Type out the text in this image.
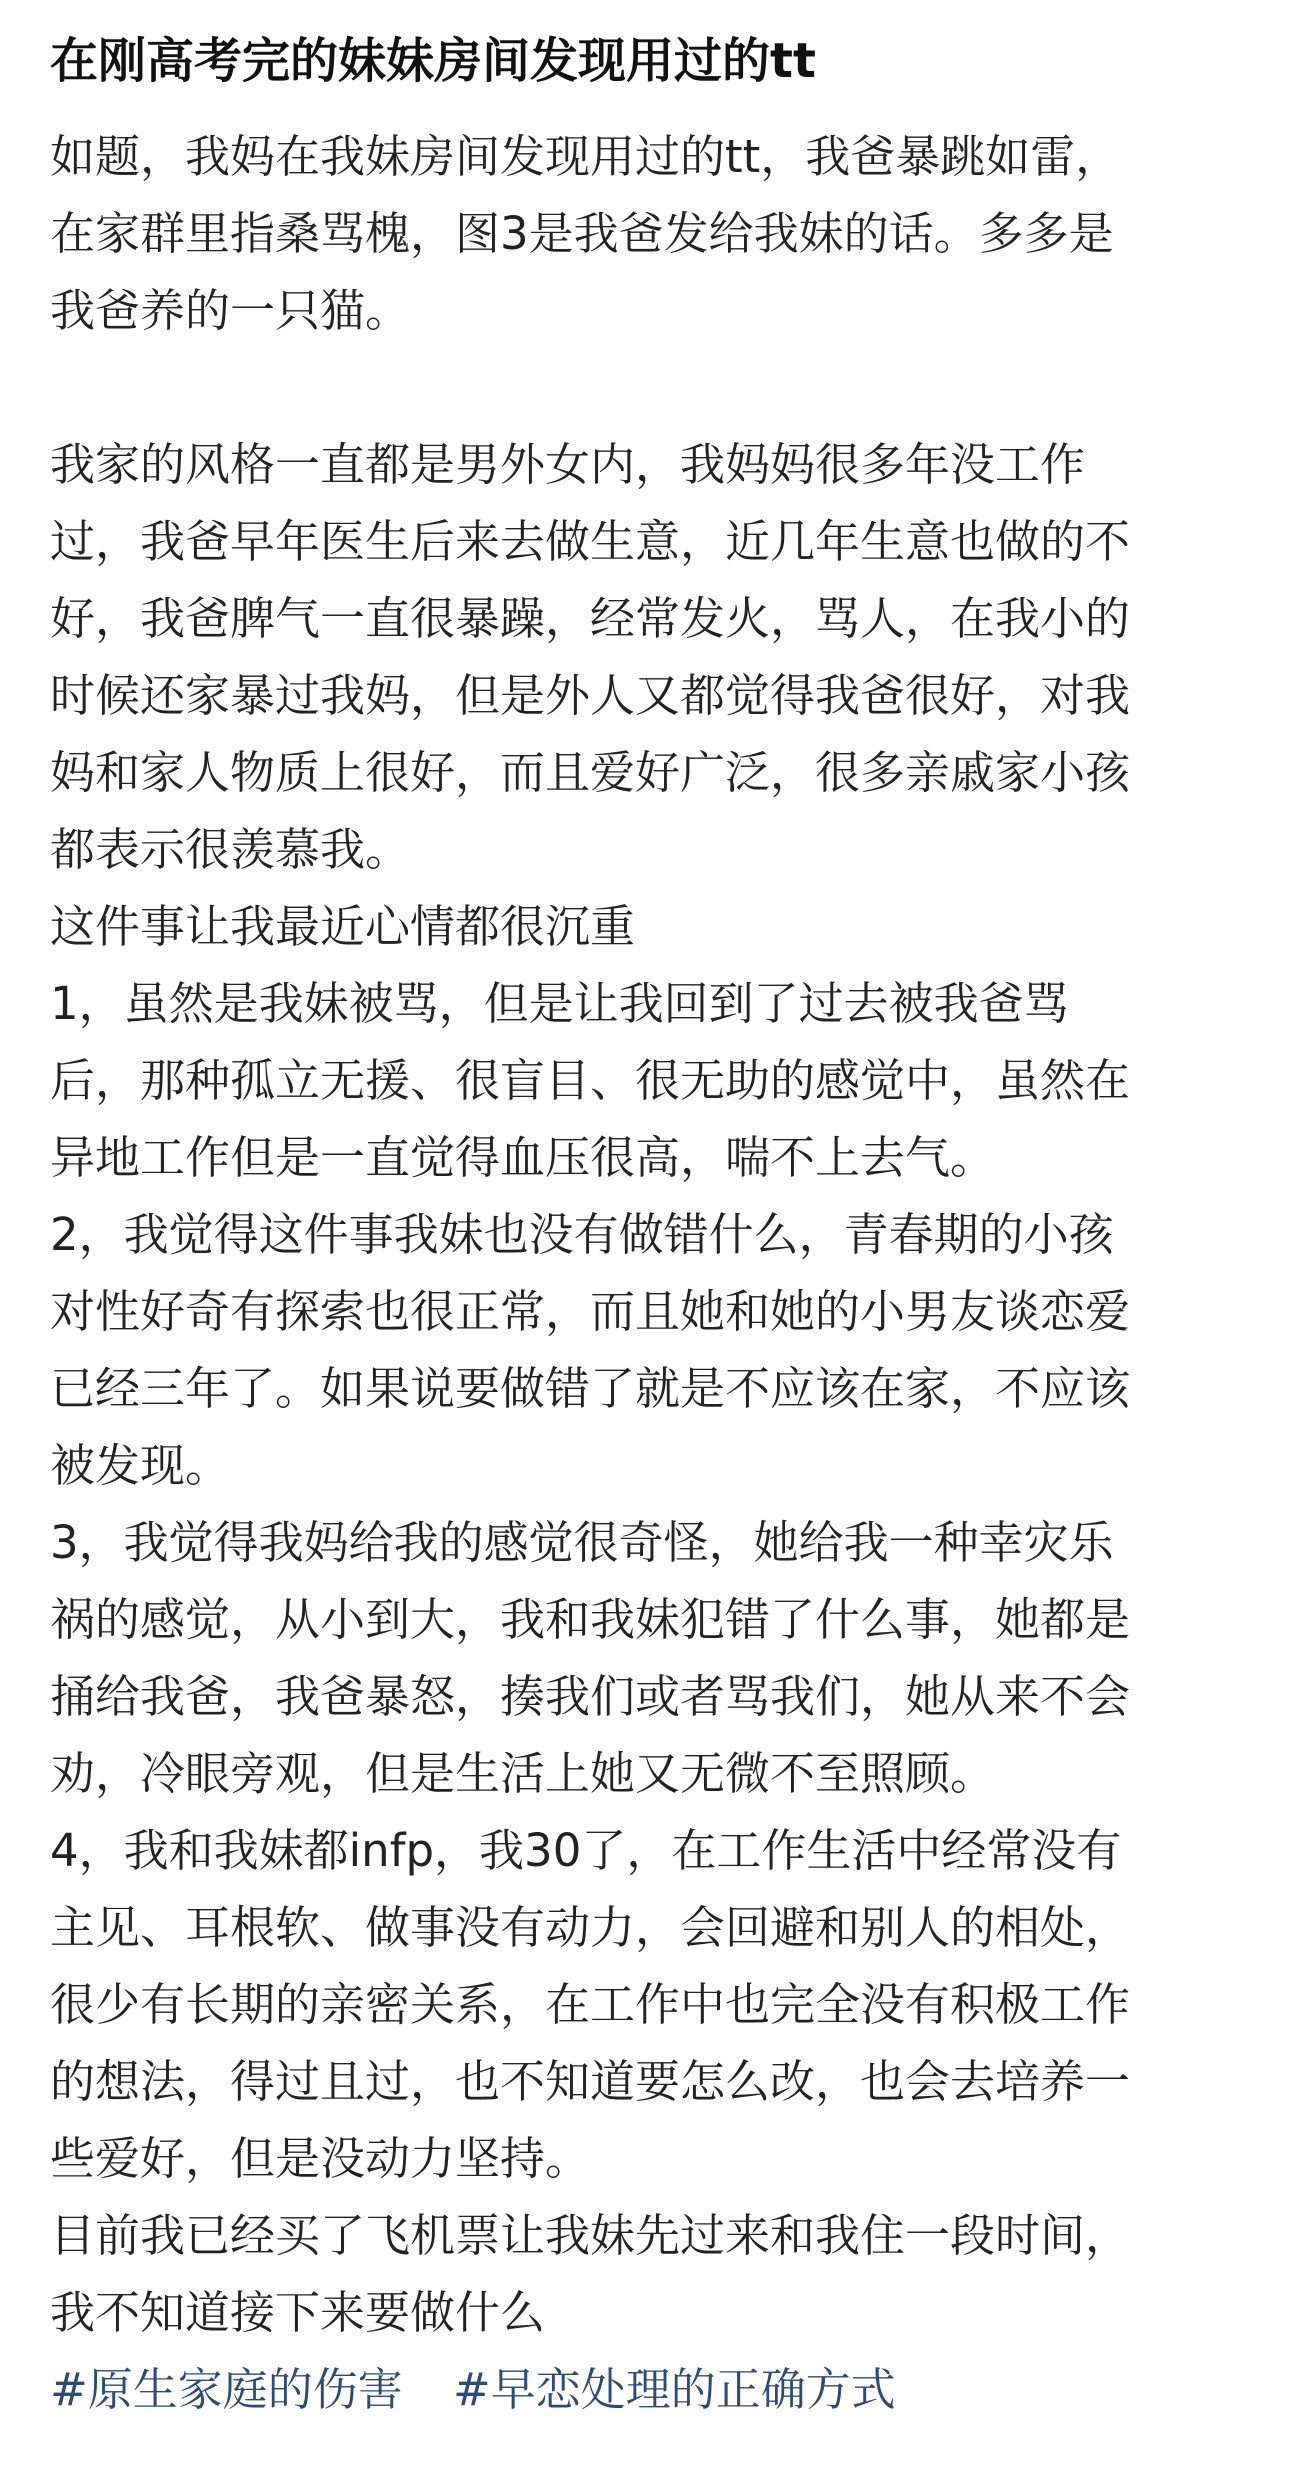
在刚高考完的妹妹房间发现用过的tt
如题，我妈在我妹房间发现用过的tt，我爸暴跳如雷，
在家群里指桑骂槐，图3是我爸发给我妹的话。多多是
我爸养的一只猫。
我家的风格一直都是男外女内，我妈妈很多年没工作
过，我爸早年医生后来去做生意，近几年生意也做的不
好，我爸脾气一直很暴躁，经常发火，骂人，在我小的
时候还家暴过我妈，但是外人又都觉得我爸很好，对我
妈和家人物质上很好，而且爱好广泛，很多亲戚家小孩
都表示很羡慕我。
这件事让我最近心情都很沉重
1，虽然是我妹被骂，但是让我回到了过去被我爸骂
后，那种孤立无援、很盲目、很无助的感觉中，虽然在
异地工作但是一直觉得血压很高，喘不上去气。
2，我觉得这件事我妹也没有做错什么，青春期的小孩
对性好奇有探索也很正常，而且她和她的小男友谈恋爱
已经三年了。如果说要做错了就是不应该在家，不应该
被发现。
3，我觉得我妈给我的感觉很奇怪，她给我一种幸灾乐
祸的感觉，从小到大，我和我妹犯错了什么事，她都是
捅给我爸，我爸暴怒，揍我们或者骂我们，她从来不会
劝，冷眼旁观，但是生活上她又无微不至照顾。
4，我和我妹都infp，我30了，在工作生活中经常没有
主见、耳根软、做事没有动力，会回避和别人的相处，
很少有长期的亲密关系，在工作中也完全没有积极工作
的想法，得过且过，也不知道要怎么改，也会去培养一
些爱好，但是没动力坚持。
目前我已经买了飞机票让我妹先过来和我住一段时间，
我不知道接下来要做什么
#原生家庭的伤害 #早恋处理的正确方式
